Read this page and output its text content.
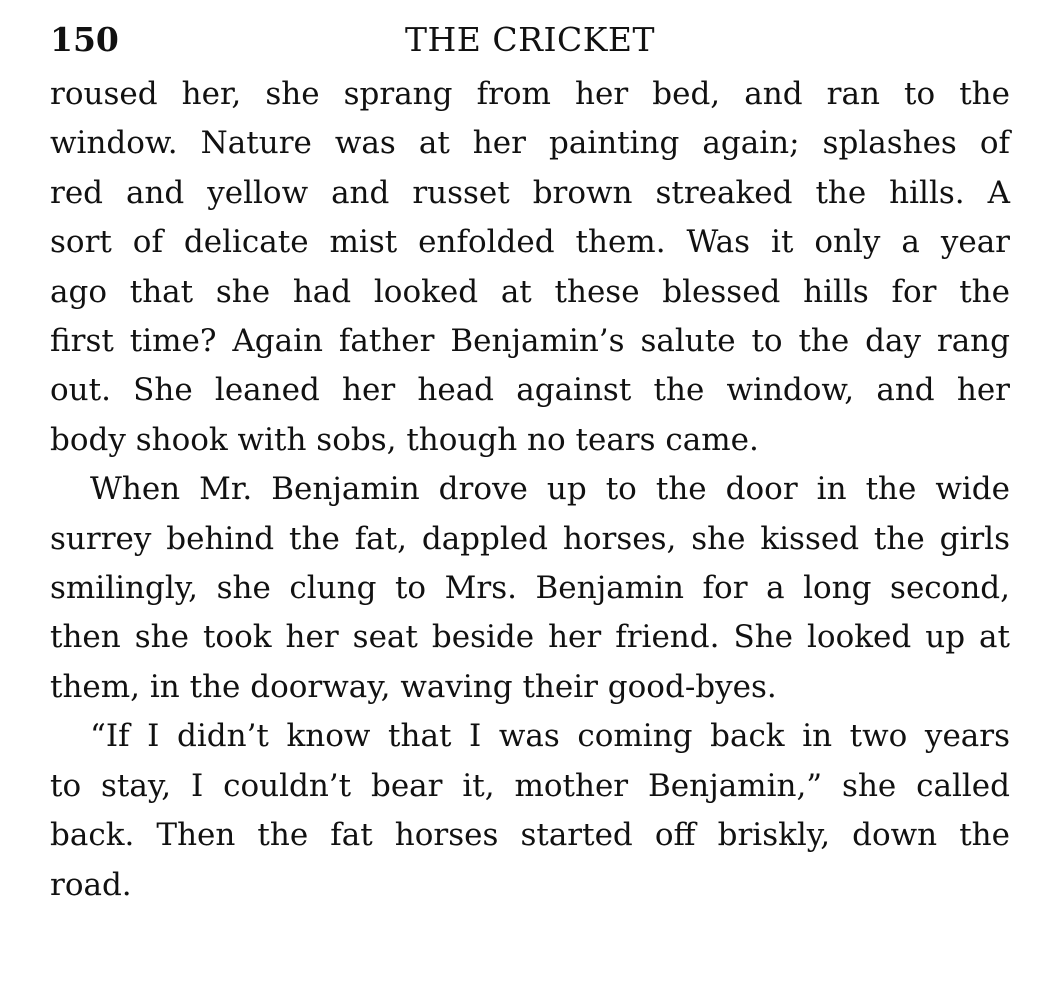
150	THE CRICKET

roused her, she sprang from her bed, and ran to the
window. Nature was at her painting again; splashes of
red and yellow and russet brown streaked the hills. A
sort of delicate mist enfolded them. Was it only a year
ago that she had looked at these blessed hills for the
first time? Again father Benjamin’s salute to the day rang
out. She leaned her head against the window, and her
body shook with sobs, though no tears came.

When Mr. Benjamin drove up to the door in the wide
surrey behind the fat, dappled horses, she kissed the girls
smilingly, she clung to Mrs. Benjamin for a long second,
then she took her seat beside her friend. She looked up at
them, in the doorway, waving their good-byes.

“If I didn’t know that I was coming back in two years
to stay, I couldn’t bear it, mother Benjamin,” she called
back. Then the fat horses started off briskly, down the
road.
